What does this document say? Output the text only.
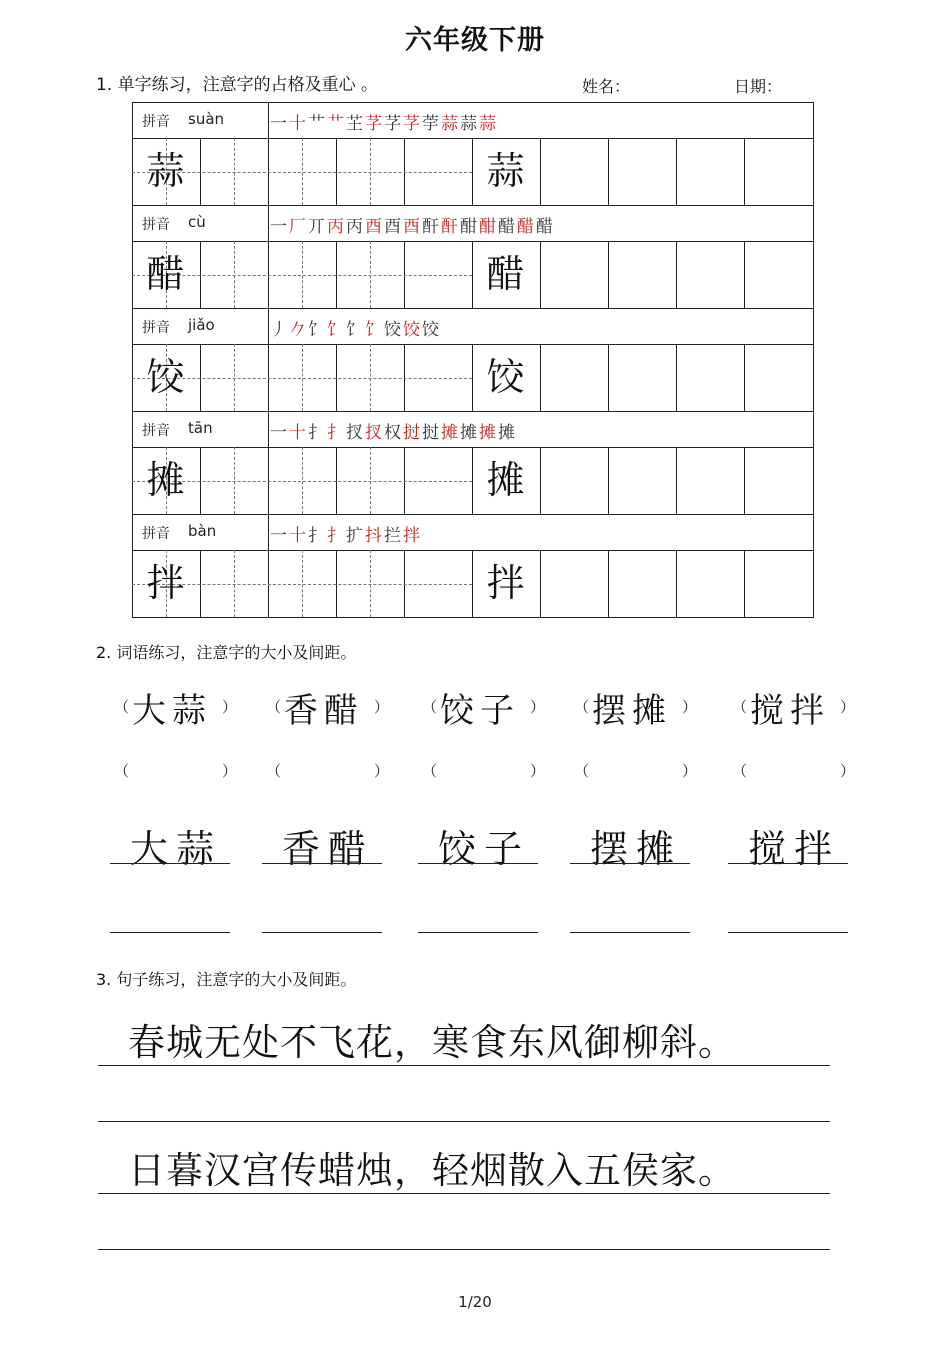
六年级下册
1. 单字练习，注意字的占格及重心 。	姓名：	日期：
拼音 suàn	一十艹艹芏芓芓芓荢蒜蒜蒜
蒜	蒜
拼音 cù	一厂丌丙丙酉酉酉酐酐酣酣醋醋醋
醋	醋
拼音 jiǎo	丿𠂊饣饣饣饣饺饺饺
饺	饺
拼音 tān	一十扌扌扠扠权挝挝摊摊摊摊
摊	摊
拼音 bàn	一十扌扌扩抖拦拌
拌	拌
2. 词语练习，注意字的大小及间距。
（ 大蒜 ）
（	）
大蒜
（ 香醋 ）
（	）
香醋
（ 饺子 ）
（	）
饺子
（ 摆摊 ）
（	）
摆摊
（ 搅拌 ）
（	）
搅拌
3. 句子练习，注意字的大小及间距。
春城无处不飞花，寒食东风御柳斜。
日暮汉宫传蜡烛，轻烟散入五侯家。
1/20
